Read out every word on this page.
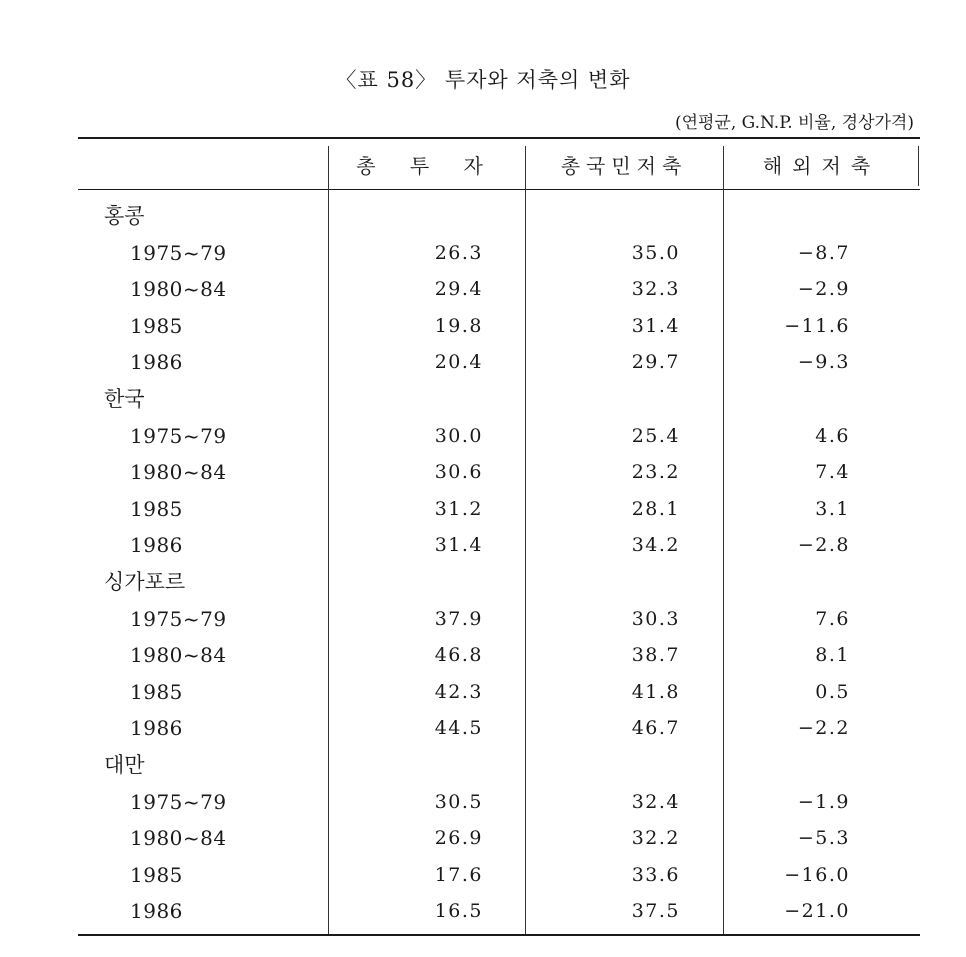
〈표 58〉 투자와 저축의 변화
(연평균, G.N.P. 비율, 경상가격)
총 투 자	총국민저축	해외저축
홍콩
1975~79	26.3	35.0	−8.7
1980~84	29.4	32.3	−2.9
1985	19.8	31.4	−11.6
1986	20.4	29.7	−9.3
한국
1975~79	30.0	25.4	4.6
1980~84	30.6	23.2	7.4
1985	31.2	28.1	3.1
1986	31.4	34.2	−2.8
싱가포르
1975~79	37.9	30.3	7.6
1980~84	46.8	38.7	8.1
1985	42.3	41.8	0.5
1986	44.5	46.7	−2.2
대만
1975~79	30.5	32.4	−1.9
1980~84	26.9	32.2	−5.3
1985	17.6	33.6	−16.0
1986	16.5	37.5	−21.0
